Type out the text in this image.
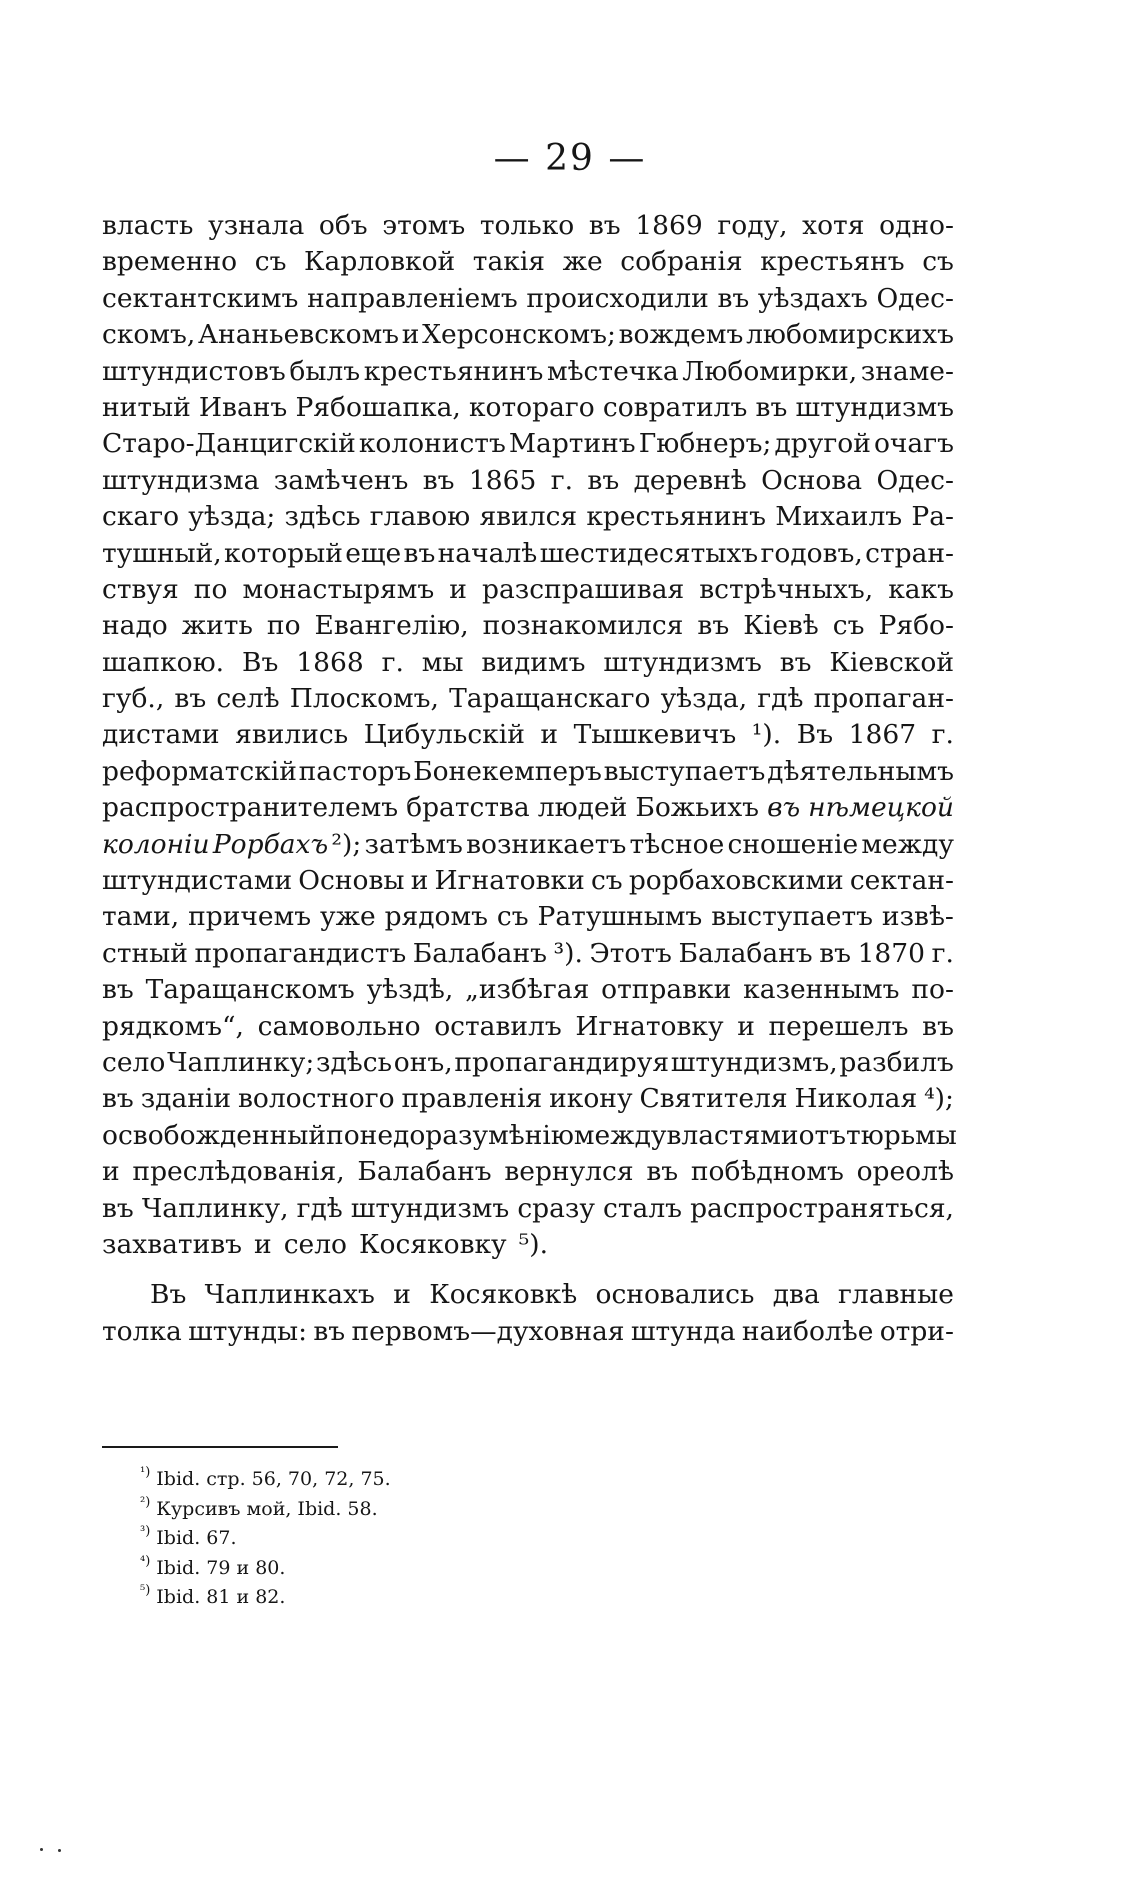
— 29 —
власть узнала объ этомъ только въ 1869 году, хотя одно-
временно съ Карловкой такія же собранія крестьянъ съ
сектантскимъ направленіемъ происходили въ уѣздахъ Одес-
скомъ, Ананьевскомъ и Херсонскомъ; вождемъ любомирскихъ
штундистовъ былъ крестьянинъ мѣстечка Любомирки, знаме-
нитый Иванъ Рябошапка, котораго совратилъ въ штундизмъ
Старо-Данцигскій колонистъ Мартинъ Гюбнеръ; другой очагъ
штундизма замѣченъ въ 1865 г. въ деревнѣ Основа Одес-
скаго уѣзда; здѣсь главою явился крестьянинъ Михаилъ Ра-
тушный, который еще въ началѣ шестидесятыхъ годовъ, стран-
ствуя по монастырямъ и разспрашивая встрѣчныхъ, какъ
надо жить по Евангелію, познакомился въ Кіевѣ съ Рябо-
шапкою. Въ 1868 г. мы видимъ штундизмъ въ Кіевской
губ., въ селѣ Плоскомъ, Таращанскаго уѣзда, гдѣ пропаган-
дистами явились Цибульскій и Тышкевичъ ¹). Въ 1867 г.
реформатскій пасторъ Бонекемперъ выступаетъ дѣятельнымъ
распространителемъ братства людей Божьихъ въ нѣмецкой
колоніи Рорбахъ ²); затѣмъ возникаетъ тѣсное сношеніе между
штундистами Основы и Игнатовки съ рорбаховскими сектан-
тами, причемъ уже рядомъ съ Ратушнымъ выступаетъ извѣ-
стный пропагандистъ Балабанъ ³). Этотъ Балабанъ въ 1870 г.
въ Таращанскомъ уѣздѣ, „избѣгая отправки казеннымъ по-
рядкомъ“, самовольно оставилъ Игнатовку и перешелъ въ
село Чаплинку; здѣсь онъ, пропагандируя штундизмъ, разбилъ
въ зданіи волостного правленія икону Святителя Николая ⁴);
освобожденный по недоразумѣнію между властями отъ тюрьмы
и преслѣдованія, Балабанъ вернулся въ побѣдномъ ореолѣ
въ Чаплинку, гдѣ штундизмъ сразу сталъ распространяться,
захвативъ и село Косяковку ⁵).
Въ Чаплинкахъ и Косяковкѣ основались два главные
толка штунды: въ первомъ—духовная штунда наиболѣе отри-
¹) Ibid. стр. 56, 70, 72, 75.
²) Курсивъ мой, Ibid. 58.
³) Ibid. 67.
⁴) Ibid. 79 и 80.
⁵) Ibid. 81 и 82.
